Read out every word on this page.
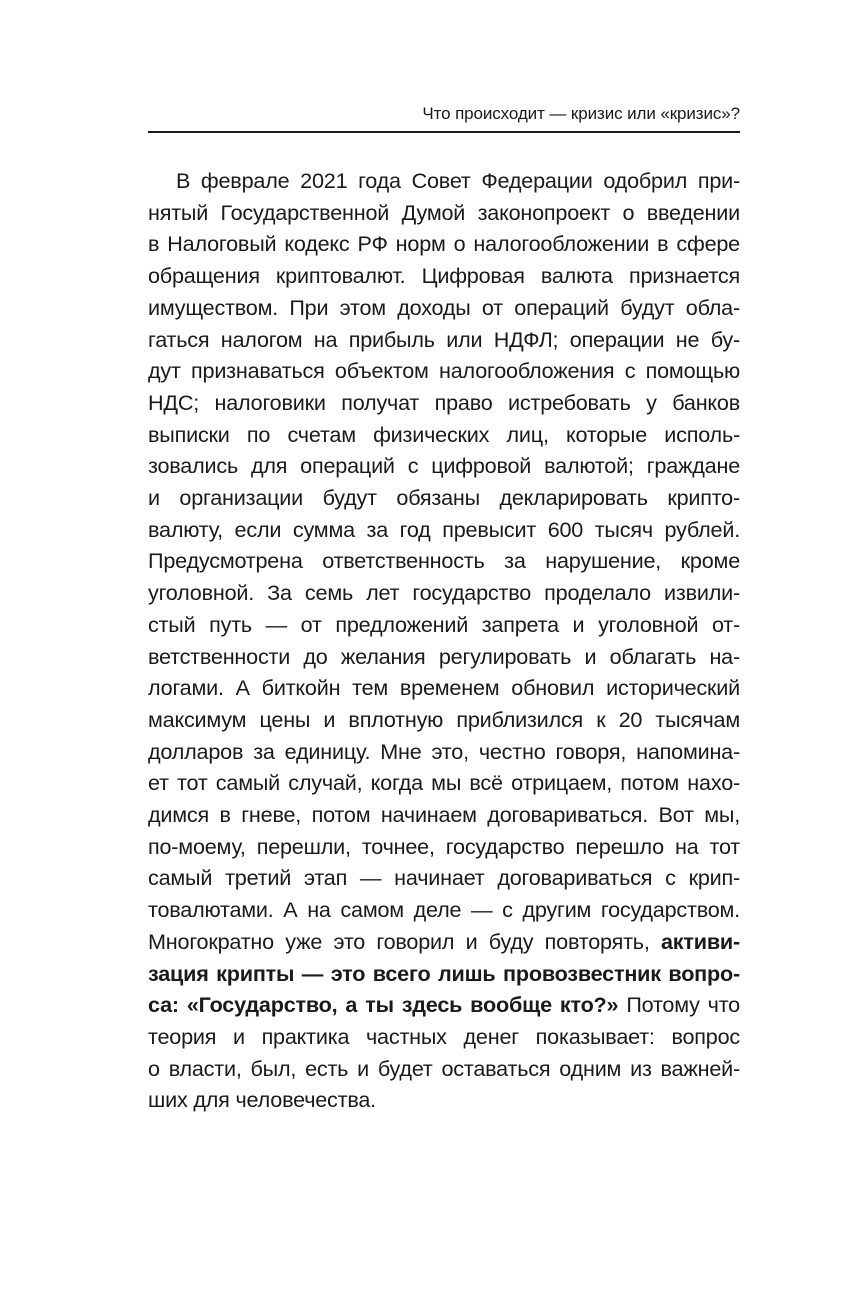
Что происходит — кризис или «кризис»?
В феврале 2021 года Совет Федерации одобрил при-
нятый Государственной Думой законопроект о введении
в Налоговый кодекс РФ норм о налогообложении в сфере
обращения криптовалют. Цифровая валюта признается
имуществом. При этом доходы от операций будут обла-
гаться налогом на прибыль или НДФЛ; операции не бу-
дут признаваться объектом налогообложения с помощью
НДС; налоговики получат право истребовать у банков
выписки по счетам физических лиц, которые исполь-
зовались для операций с цифровой валютой; граждане
и организации будут обязаны декларировать крипто-
валюту, если сумма за год превысит 600 тысяч рублей.
Предусмотрена ответственность за нарушение, кроме
уголовной. За семь лет государство проделало извили-
стый путь — от предложений запрета и уголовной от-
ветственности до желания регулировать и облагать на-
логами. А биткойн тем временем обновил исторический
максимум цены и вплотную приблизился к 20 тысячам
долларов за единицу. Мне это, честно говоря, напомина-
ет тот самый случай, когда мы всё отрицаем, потом нахо-
димся в гневе, потом начинаем договариваться. Вот мы,
по-моему, перешли, точнее, государство перешло на тот
самый третий этап — начинает договариваться с крип-
товалютами. А на самом деле — с другим государством.
Многократно уже это говорил и буду повторять, активи-
зация крипты — это всего лишь провозвестник вопро-
са: «Государство, а ты здесь вообще кто?» Потому что
теория и практика частных денег показывает: вопрос
о власти, был, есть и будет оставаться одним из важней-
ших для человечества.
